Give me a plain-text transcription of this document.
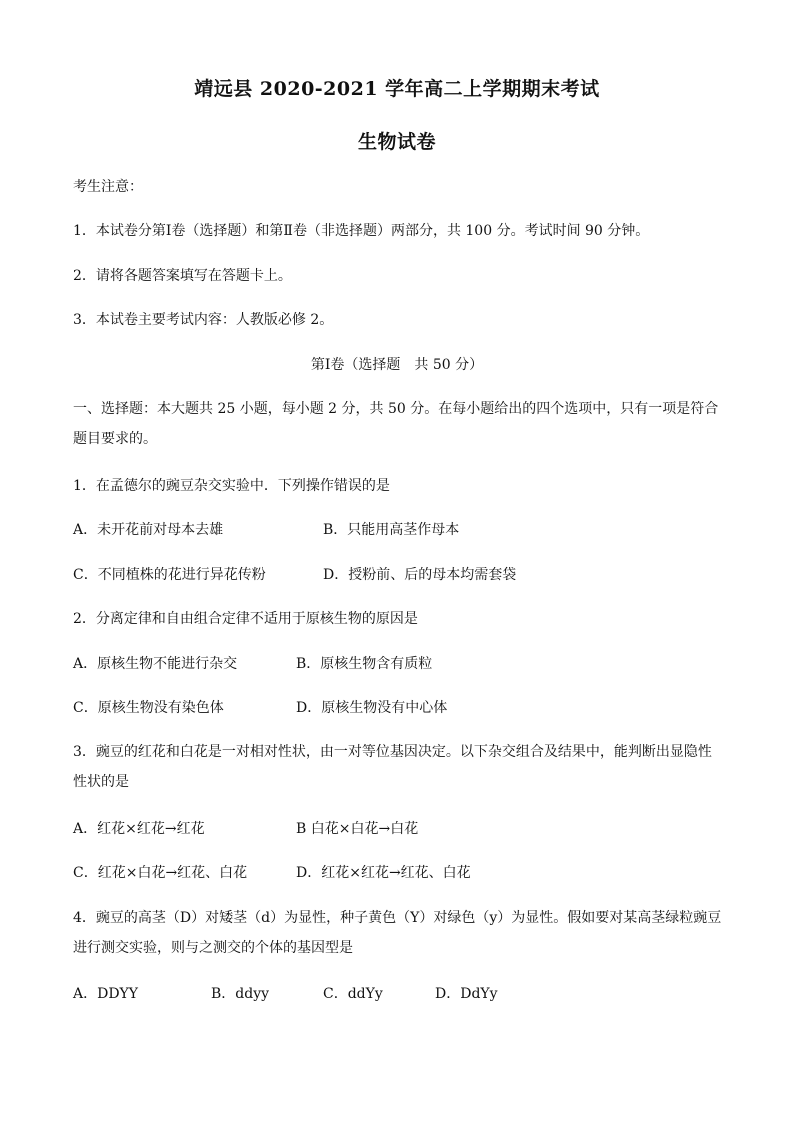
靖远县 2020-2021 学年高二上学期期末考试
生物试卷
考生注意：
1．本试卷分第Ⅰ卷（选择题）和第Ⅱ卷（非选择题）两部分，共 100 分。考试时间 90 分钟。
2．请将各题答案填写在答题卡上。
3．本试卷主要考试内容：人教版必修 2。
第Ⅰ卷（选择题　共 50 分）
一、选择题：本大题共 25 小题，每小题 2 分，共 50 分。在每小题给出的四个选项中，只有一项是符合题目要求的。
1．在孟德尔的豌豆杂交实验中．下列操作错误的是
A．未开花前对母本去雄	B．只能用高茎作母本
C．不同植株的花进行异花传粉	D．授粉前、后的母本均需套袋
2．分离定律和自由组合定律不适用于原核生物的原因是
A．原核生物不能进行杂交	B．原核生物含有质粒
C．原核生物没有染色体	D．原核生物没有中心体
3．豌豆的红花和白花是一对相对性状，由一对等位基因决定。以下杂交组合及结果中，能判断出显隐性性状的是
A．红花×红花→红花	B 白花×白花→白花
C．红花×白花→红花、白花	D．红花×红花→红花、白花
4．豌豆的高茎（D）对矮茎（d）为显性，种子黄色（Y）对绿色（y）为显性。假如要对某高茎绿粒豌豆进行测交实验，则与之测交的个体的基因型是
A．DDYY	B．ddyy	C．ddYy	D．DdYy
